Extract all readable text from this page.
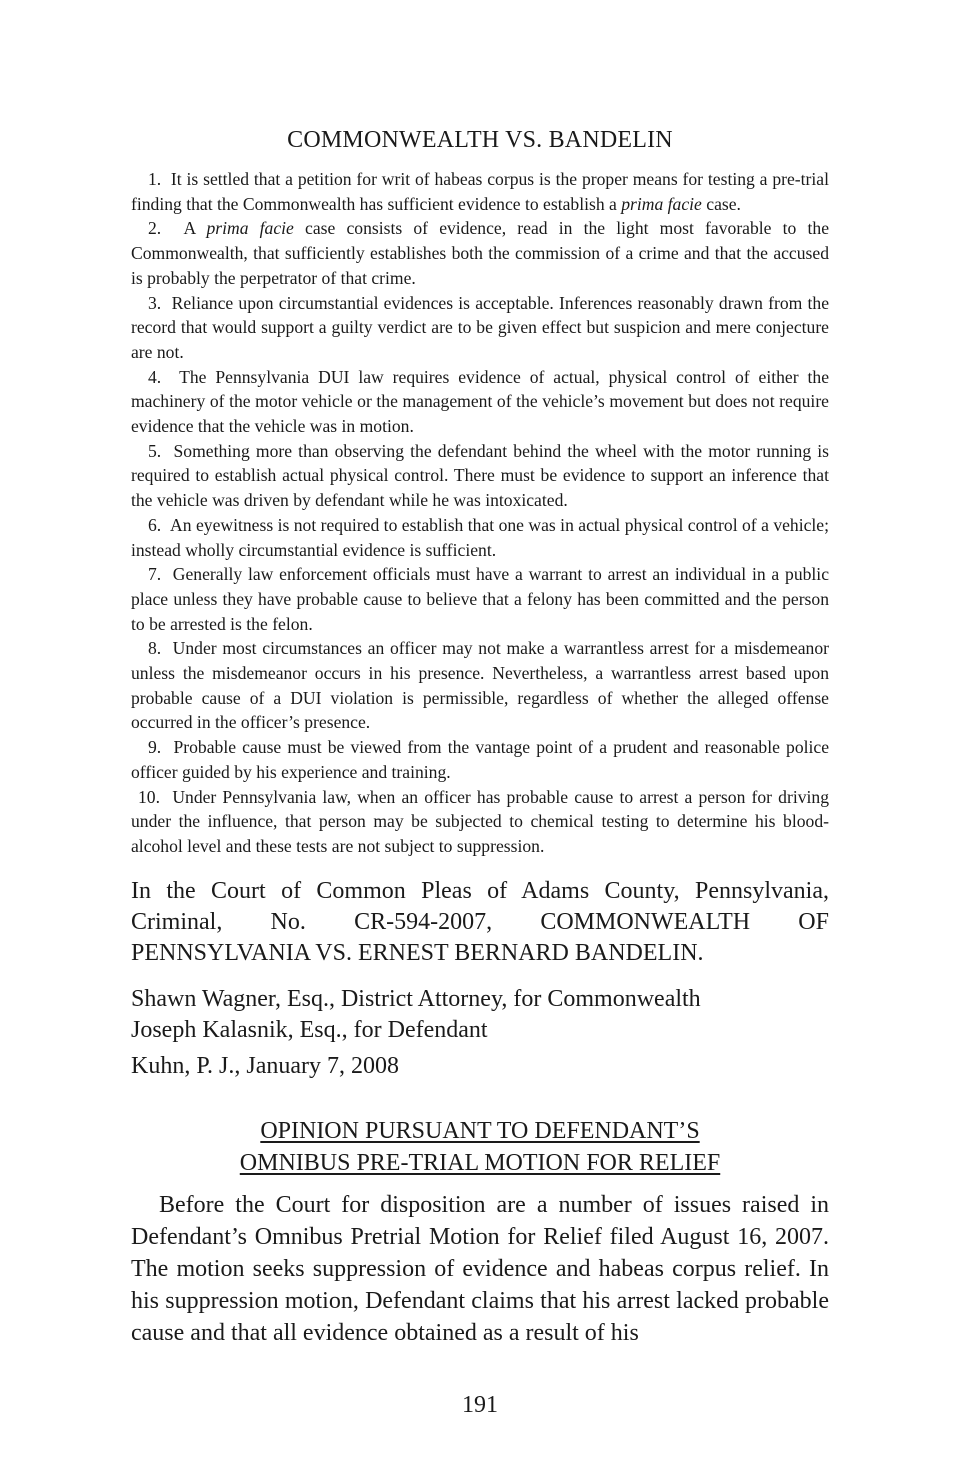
COMMONWEALTH VS. BANDELIN

1. It is settled that a petition for writ of habeas corpus is the proper means for testing a pre-trial finding that the Commonwealth has sufficient evidence to establish a prima facie case.

2. A prima facie case consists of evidence, read in the light most favorable to the Commonwealth, that sufficiently establishes both the commission of a crime and that the accused is probably the perpetrator of that crime.

3. Reliance upon circumstantial evidences is acceptable. Inferences reasonably drawn from the record that would support a guilty verdict are to be given effect but suspicion and mere conjecture are not.

4. The Pennsylvania DUI law requires evidence of actual, physical control of either the machinery of the motor vehicle or the management of the vehicle’s movement but does not require evidence that the vehicle was in motion.

5. Something more than observing the defendant behind the wheel with the motor running is required to establish actual physical control. There must be evidence to support an inference that the vehicle was driven by defendant while he was intoxicated.

6. An eyewitness is not required to establish that one was in actual physical control of a vehicle; instead wholly circumstantial evidence is sufficient.

7. Generally law enforcement officials must have a warrant to arrest an individual in a public place unless they have probable cause to believe that a felony has been committed and the person to be arrested is the felon.

8. Under most circumstances an officer may not make a warrantless arrest for a misdemeanor unless the misdemeanor occurs in his presence. Nevertheless, a warrantless arrest based upon probable cause of a DUI violation is permissible, regardless of whether the alleged offense occurred in the officer’s presence.

9. Probable cause must be viewed from the vantage point of a prudent and reasonable police officer guided by his experience and training.

10. Under Pennsylvania law, when an officer has probable cause to arrest a person for driving under the influence, that person may be subjected to chemical testing to determine his blood-alcohol level and these tests are not subject to suppression.

In the Court of Common Pleas of Adams County, Pennsylvania, Criminal, No. CR-594-2007, COMMONWEALTH OF PENNSYLVANIA VS. ERNEST BERNARD BANDELIN.

Shawn Wagner, Esq., District Attorney, for Commonwealth
Joseph Kalasnik, Esq., for Defendant
Kuhn, P. J., January 7, 2008
OPINION PURSUANT TO DEFENDANT’S
OMNIBUS PRE-TRIAL MOTION FOR RELIEF

Before the Court for disposition are a number of issues raised in Defendant’s Omnibus Pretrial Motion for Relief filed August 16, 2007. The motion seeks suppression of evidence and habeas corpus relief. In his suppression motion, Defendant claims that his arrest lacked probable cause and that all evidence obtained as a result of his

191
